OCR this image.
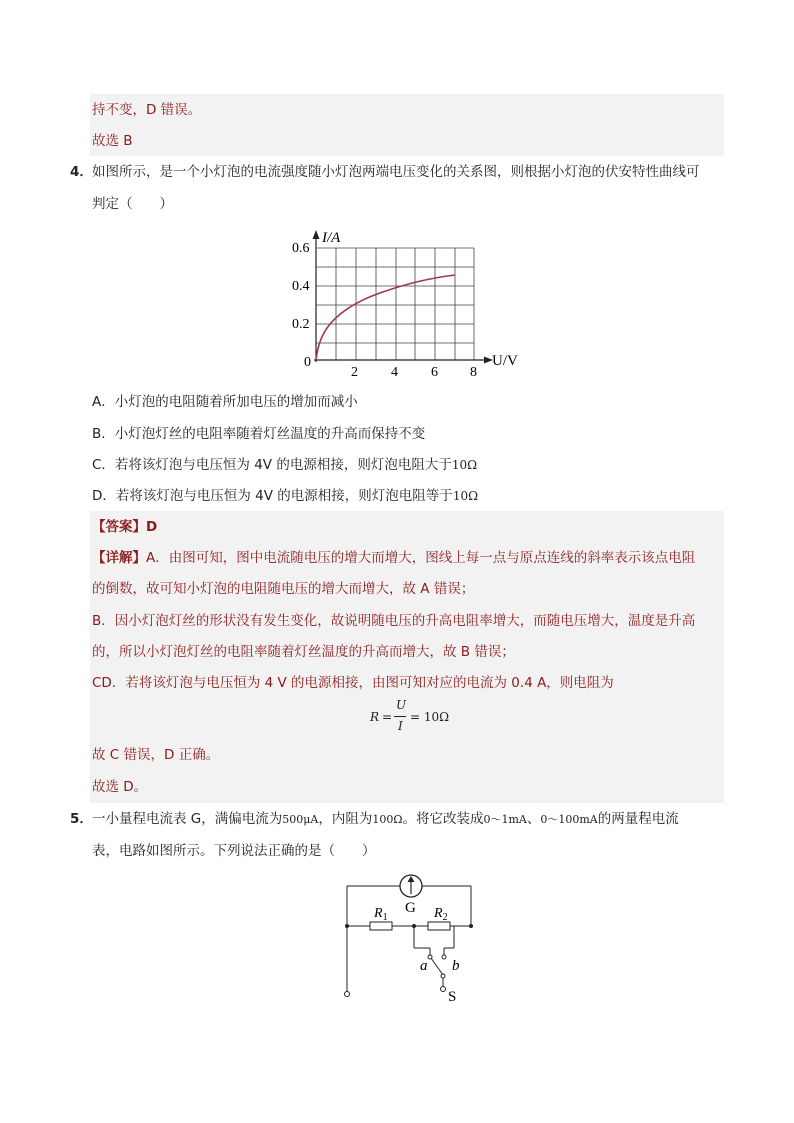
持不变，D 错误。
故选 B
4． 如图所示，是一个小灯泡的电流强度随小灯泡两端电压变化的关系图，则根据小灯泡的伏安特性曲线可
判定（　　）
I/A
U/V
0
0.2
0.4
0.6
2 4 6 8
A．小灯泡的电阻随着所加电压的增加而减小
B．小灯泡灯丝的电阻率随着灯丝温度的升高而保持不变
C．若将该灯泡与电压恒为 4V 的电源相接，则灯泡电阻大于10Ω
D．若将该灯泡与电压恒为 4V 的电源相接，则灯泡电阻等于10Ω
【答案】D
【详解】A．由图可知，图中电流随电压的增大而增大，图线上每一点与原点连线的斜率表示该点电阻
的倒数，故可知小灯泡的电阻随电压的增大而增大，故 A 错误；
B．因小灯泡灯丝的形状没有发生变化，故说明随电压的升高电阻率增大，而随电压增大，温度是升高
的，所以小灯泡灯丝的电阻率随着灯丝温度的升高而增大，故 B 错误；
CD．若将该灯泡与电压恒为 4 V 的电源相接，由图可知对应的电流为 0.4 A，则电阻为
R =
U
I
= 10Ω
故 C 错误，D 正确。
故选 D。
5． 一小量程电流表 G，满偏电流为500μA，内阻为100Ω。将它改装成0～1mA、0～100mA的两量程电流
表，电路如图所示。下列说法正确的是（　　）
G
$R_1$	$R_2$
a b
S
